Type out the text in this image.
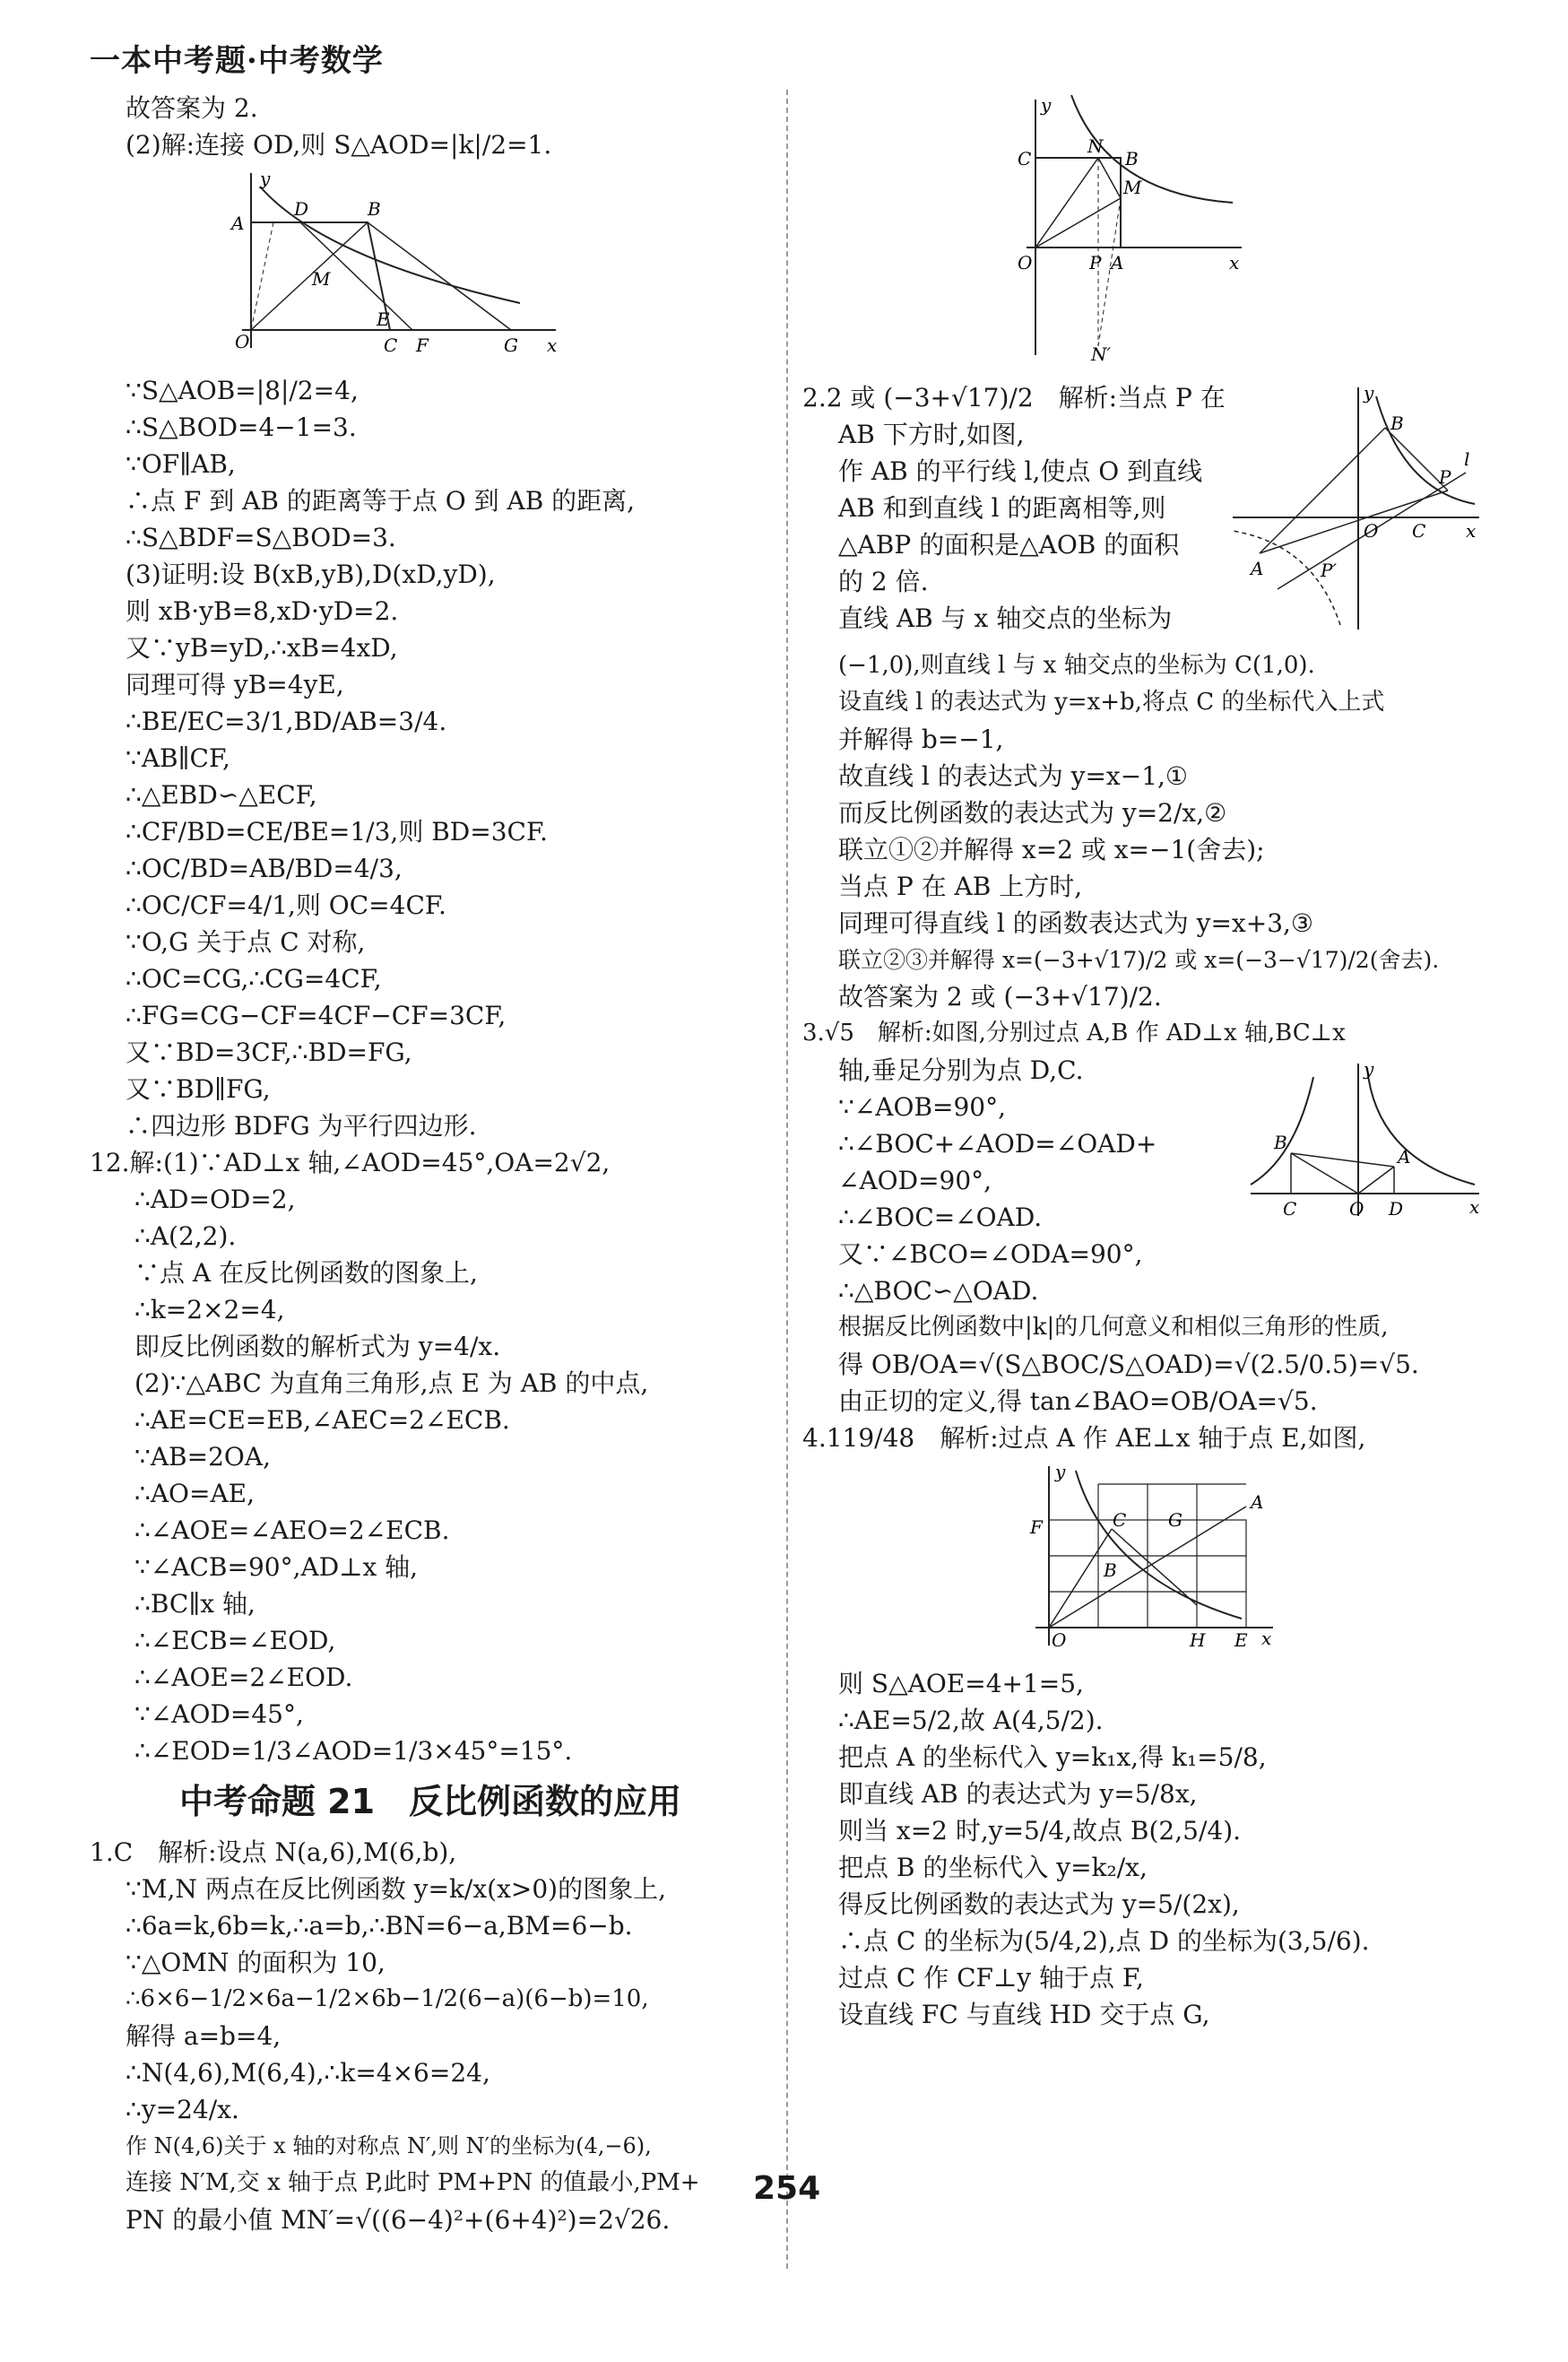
一本中考题·中考数学
故答案为 2.
(2)解:连接 OD,则 S△AOD=|k|/2=1.
y
A
D	B
M
O
E
C F	G x
∵S△AOB=|8|/2=4,
∴S△BOD=4−1=3.
∵OF∥AB,
∴点 F 到 AB 的距离等于点 O 到 AB 的距离,
∴S△BDF=S△BOD=3.
(3)证明:设 B(xB,yB),D(xD,yD),
则 xB·yB=8,xD·yD=2.
又∵yB=yD,∴xB=4xD,
同理可得 yB=4yE,
∴BE/EC=3/1,BD/AB=3/4.
∵AB∥CF,
∴△EBD∽△ECF,
∴CF/BD=CE/BE=1/3,则 BD=3CF.
∴OC/BD=AB/BD=4/3,
∴OC/CF=4/1,则 OC=4CF.
∵O,G 关于点 C 对称,
∴OC=CG,∴CG=4CF,
∴FG=CG−CF=4CF−CF=3CF,
又∵BD=3CF,∴BD=FG,
又∵BD∥FG,
∴四边形 BDFG 为平行四边形.
12.解:(1)∵AD⊥x 轴,∠AOD=45°,OA=2√2,
∴AD=OD=2,
∴A(2,2).
∵点 A 在反比例函数的图象上,
∴k=2×2=4,
即反比例函数的解析式为 y=4/x.
(2)∵△ABC 为直角三角形,点 E 为 AB 的中点,
∴AE=CE=EB,∠AEC=2∠ECB.
∵AB=2OA,
∴AO=AE,
∴∠AOE=∠AEO=2∠ECB.
∵∠ACB=90°,AD⊥x 轴,
∴BC∥x 轴,
∴∠ECB=∠EOD,
∴∠AOE=2∠EOD.
∵∠AOD=45°,
∴∠EOD=1/3∠AOD=1/3×45°=15°.
中考命题 21　反比例函数的应用
1.C　解析:设点 N(a,6),M(6,b),
∵M,N 两点在反比例函数 y=k/x(x>0)的图象上,
∴6a=k,6b=k,∴a=b,∴BN=6−a,BM=6−b.
∵△OMN 的面积为 10,
∴6×6−1/2×6a−1/2×6b−1/2(6−a)(6−b)=10,
解得 a=b=4,
∴N(4,6),M(6,4),∴k=4×6=24,
∴y=24/x.
作 N(4,6)关于 x 轴的对称点 N′,则 N′的坐标为(4,−6),
连接 N′M,交 x 轴于点 P,此时 PM+PN 的值最小,PM+
PN 的最小值 MN′=√((6−4)²+(6+4)²)=2√26.
y
C
N
B
M
O	P A	x
N′
y
B
P
l
A
O C
P′
x
2.2 或 (−3+√17)/2　解析:当点 P 在
AB 下方时,如图,
作 AB 的平行线 l,使点 O 到直线
AB 和到直线 l 的距离相等,则
△ABP 的面积是△AOB 的面积
的 2 倍.
直线 AB 与 x 轴交点的坐标为
(−1,0),则直线 l 与 x 轴交点的坐标为 C(1,0).
设直线 l 的表达式为 y=x+b,将点 C 的坐标代入上式
并解得 b=−1,
故直线 l 的表达式为 y=x−1,①
而反比例函数的表达式为 y=2/x,②
联立①②并解得 x=2 或 x=−1(舍去);
当点 P 在 AB 上方时,
同理可得直线 l 的函数表达式为 y=x+3,③
联立②③并解得 x=(−3+√17)/2 或 x=(−3−√17)/2(舍去).
故答案为 2 或 (−3+√17)/2.
3.√5　解析:如图,分别过点 A,B 作 AD⊥x 轴,BC⊥x
y
B
A
C	O D	x
轴,垂足分别为点 D,C.
∵∠AOB=90°,
∴∠BOC+∠AOD=∠OAD+
∠AOD=90°,
∴∠BOC=∠OAD.
又∵∠BCO=∠ODA=90°,
∴△BOC∽△OAD.
根据反比例函数中|k|的几何意义和相似三角形的性质,
得 OB/OA=√(S△BOC/S△OAD)=√(2.5/0.5)=√5.
由正切的定义,得 tan∠BAO=OB/OA=√5.
4.119/48　解析:过点 A 作 AE⊥x 轴于点 E,如图,
y
F	C G
A
B
O	H E x
则 S△AOE=4+1=5,
∴AE=5/2,故 A(4,5/2).
把点 A 的坐标代入 y=k₁x,得 k₁=5/8,
即直线 AB 的表达式为 y=5/8x,
则当 x=2 时,y=5/4,故点 B(2,5/4).
把点 B 的坐标代入 y=k₂/x,
得反比例函数的表达式为 y=5/(2x),
∴点 C 的坐标为(5/4,2),点 D 的坐标为(3,5/6).
过点 C 作 CF⊥y 轴于点 F,
设直线 FC 与直线 HD 交于点 G,
254
